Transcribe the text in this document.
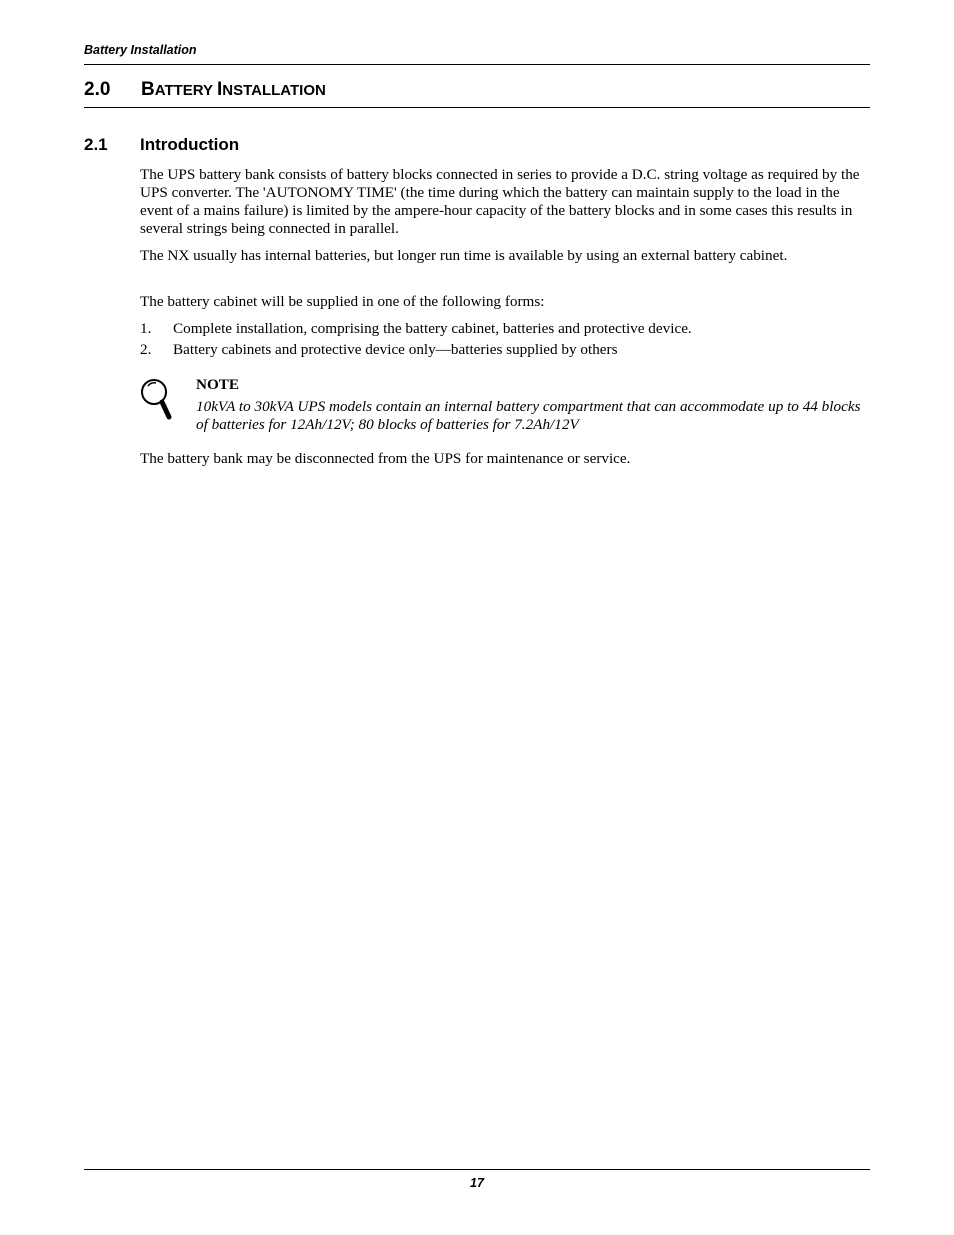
Battery Installation
2.0 BATTERY INSTALLATION
2.1 Introduction

The UPS battery bank consists of battery blocks connected in series to provide a D.C. string voltage as required by the UPS converter. The 'AUTONOMY TIME' (the time during which the battery can maintain supply to the load in the event of a mains failure) is limited by the ampere-hour capacity of the battery blocks and in some cases this results in several strings being connected in parallel.

The NX usually has internal batteries, but longer run time is available by using an external battery cabinet.

The battery cabinet will be supplied in one of the following forms:

1. Complete installation, comprising the battery cabinet, batteries and protective device.
2. Battery cabinets and protective device only—batteries supplied by others
NOTE

10kVA to 30kVA UPS models contain an internal battery compartment that can accommodate up to 44 blocks of batteries for 12Ah/12V; 80 blocks of batteries for 7.2Ah/12V

The battery bank may be disconnected from the UPS for maintenance or service.

17
